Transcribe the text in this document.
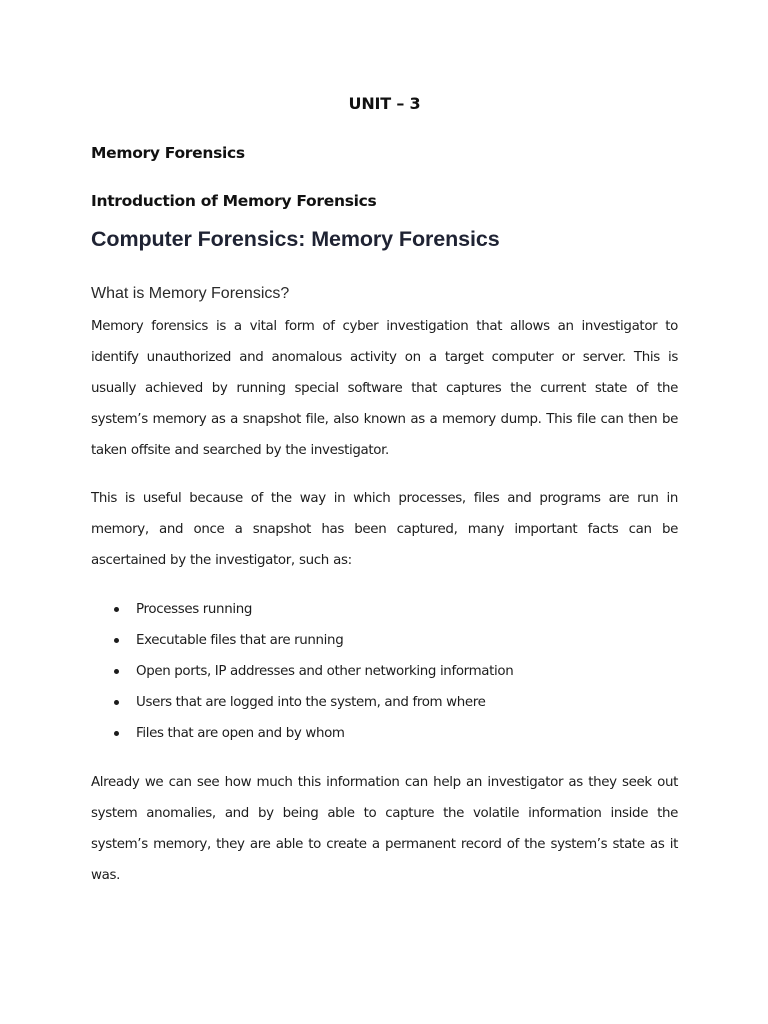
UNIT – 3
Memory Forensics
Introduction of Memory Forensics
Computer Forensics: Memory Forensics
What is Memory Forensics?

Memory forensics is a vital form of cyber investigation that allows an investigator to identify unauthorized and anomalous activity on a target computer or server. This is usually achieved by running special software that captures the current state of the system’s memory as a snapshot file, also known as a memory dump. This file can then be taken offsite and searched by the investigator.

This is useful because of the way in which processes, files and programs are run in memory, and once a snapshot has been captured, many important facts can be ascertained by the investigator, such as:

Processes running
Executable files that are running
Open ports, IP addresses and other networking information
Users that are logged into the system, and from where
Files that are open and by whom

Already we can see how much this information can help an investigator as they seek out system anomalies, and by being able to capture the volatile information inside the system’s memory, they are able to create a permanent record of the system’s state as it was.
